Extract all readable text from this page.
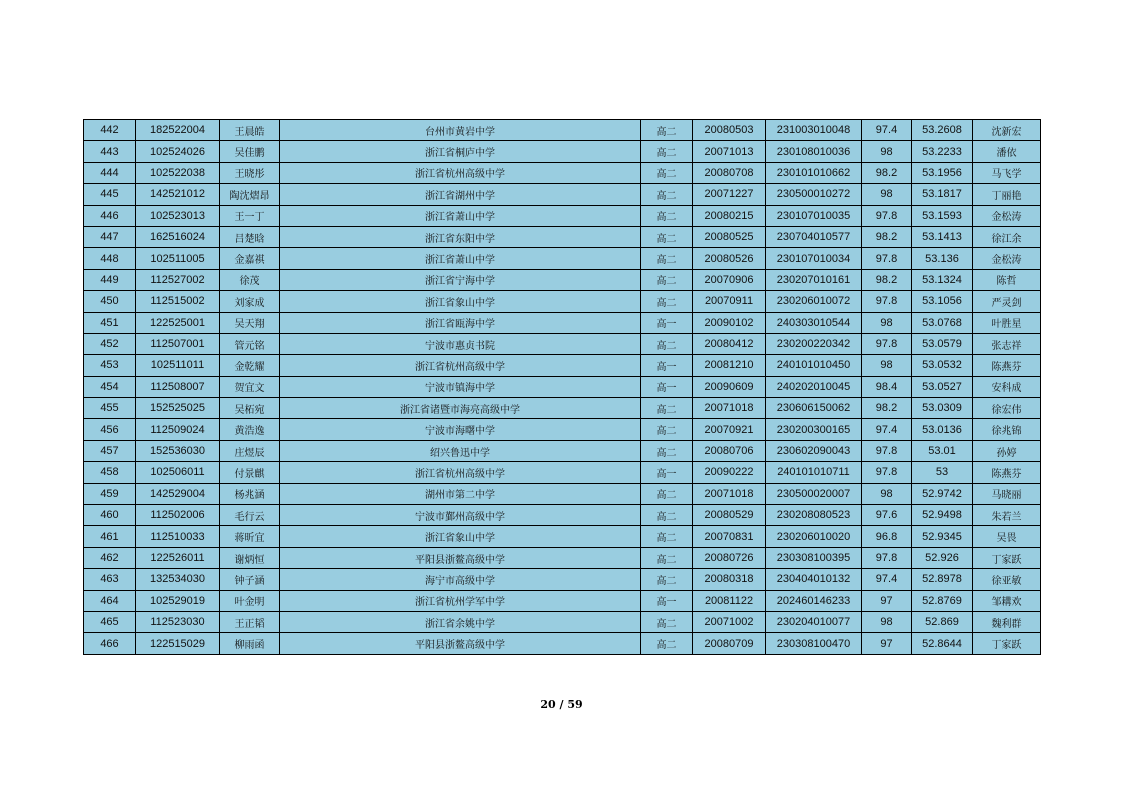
442	182522004	王晨皓	台州市黄岩中学	高二	20080503	231003010048	97.4	53.2608	沈新宏
443	102524026	吴佳鹏	浙江省桐庐中学	高二	20071013	230108010036	98	53.2233	潘依
444	102522038	王晓彤	浙江省杭州高级中学	高二	20080708	230101010662	98.2	53.1956	马飞学
445	142521012	陶沈熠昂	浙江省湖州中学	高二	20071227	230500010272	98	53.1817	丁丽艳
446	102523013	王一丁	浙江省萧山中学	高二	20080215	230107010035	97.8	53.1593	金松涛
447	162516024	吕楚晗	浙江省东阳中学	高二	20080525	230704010577	98.2	53.1413	徐江余
448	102511005	金嘉祺	浙江省萧山中学	高二	20080526	230107010034	97.8	53.136	金松涛
449	112527002	徐茂	浙江省宁海中学	高二	20070906	230207010161	98.2	53.1324	陈哲
450	112515002	刘家成	浙江省象山中学	高二	20070911	230206010072	97.8	53.1056	严灵剑
451	122525001	吴天翔	浙江省瓯海中学	高一	20090102	240303010544	98	53.0768	叶胜星
452	112507001	管元铭	宁波市惠贞书院	高二	20080412	230200220342	97.8	53.0579	张志祥
453	102511011	金乾耀	浙江省杭州高级中学	高一	20081210	240101010450	98	53.0532	陈燕芬
454	112508007	贺宜文	宁波市镇海中学	高一	20090609	240202010045	98.4	53.0527	安科成
455	152525025	吴柘宛	浙江省诸暨市海亮高级中学	高二	20071018	230606150062	98.2	53.0309	徐宏伟
456	112509024	黄浩逸	宁波市海曙中学	高二	20070921	230200300165	97.4	53.0136	徐兆锦
457	152536030	庄煜辰	绍兴鲁迅中学	高二	20080706	230602090043	97.8	53.01	孙婷
458	102506011	付景麒	浙江省杭州高级中学	高一	20090222	240101010711	97.8	53	陈燕芬
459	142529004	杨兆涵	湖州市第二中学	高二	20071018	230500020007	98	52.9742	马晓丽
460	112502006	毛行云	宁波市鄞州高级中学	高二	20080529	230208080523	97.6	52.9498	朱若兰
461	112510033	蒋昕宜	浙江省象山中学	高二	20070831	230206010020	96.8	52.9345	吴畏
462	122526011	谢炳恒	平阳县浙鳌高级中学	高二	20080726	230308100395	97.8	52.926	丁家跃
463	132534030	钟子涵	海宁市高级中学	高二	20080318	230404010132	97.4	52.8978	徐亚敏
464	102529019	叶金明	浙江省杭州学军中学	高一	20081122	202460146233	97	52.8769	邹耩欢
465	112523030	王正韬	浙江省余姚中学	高二	20071002	230204010077	98	52.869	魏利群
466	122515029	柳雨函	平阳县浙鳌高级中学	高二	20080709	230308100470	97	52.8644	丁家跃
20 / 59
